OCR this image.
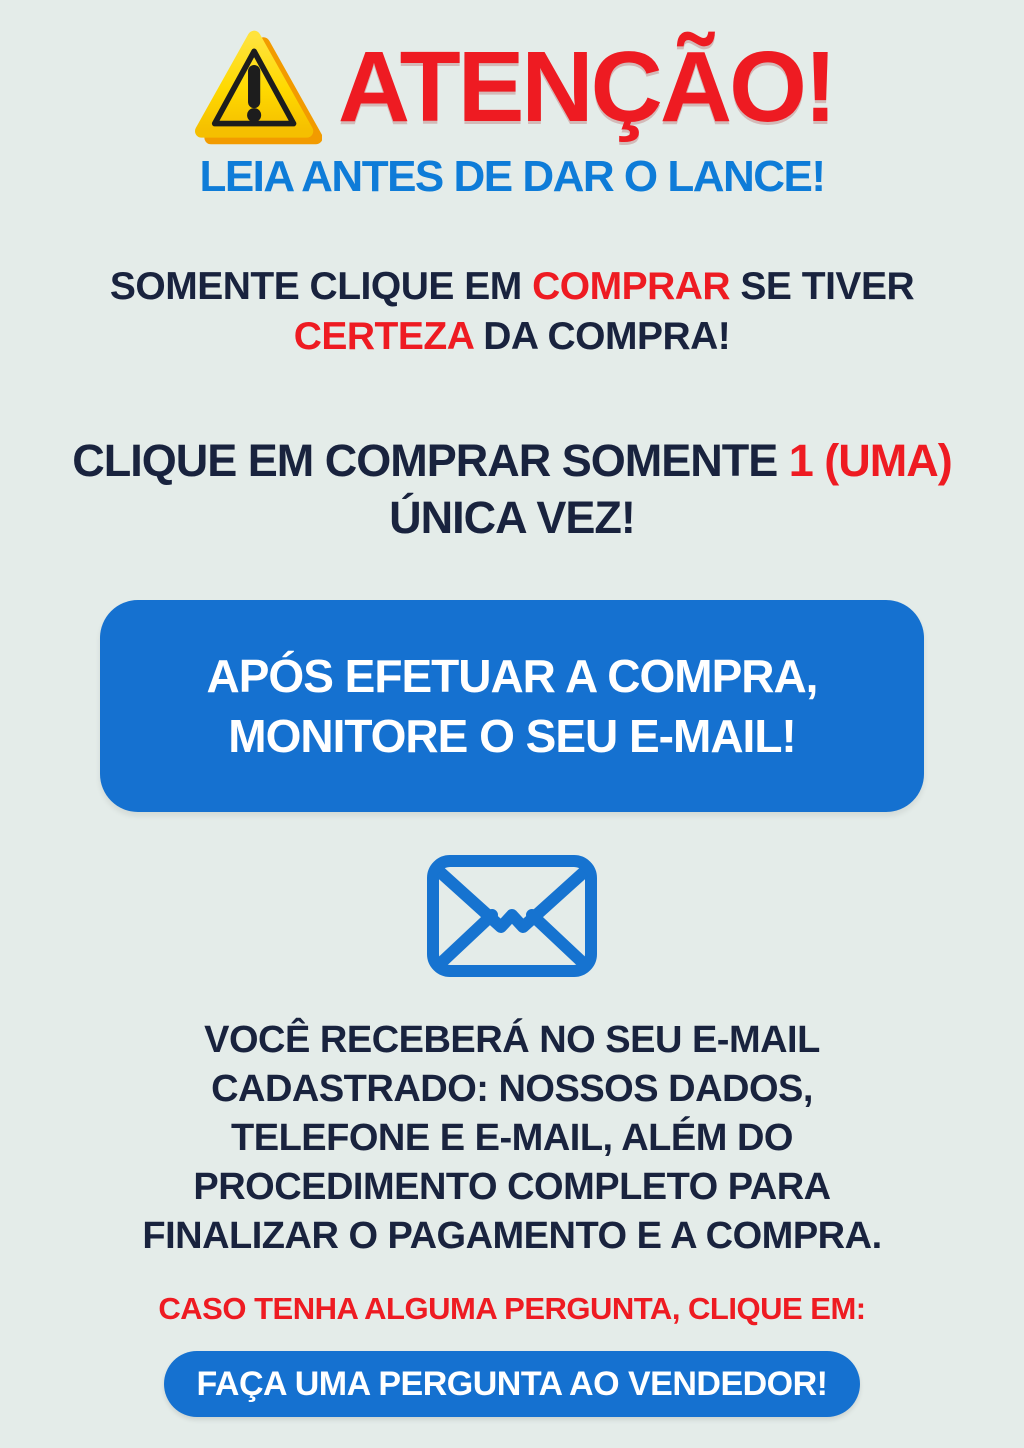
ATENÇÃO!
LEIA ANTES DE DAR O LANCE!

SOMENTE CLIQUE EM COMPRAR SE TIVER CERTEZA DA COMPRA!

CLIQUE EM COMPRAR SOMENTE 1 (UMA) ÚNICA VEZ!

APÓS EFETUAR A COMPRA,
MONITORE O SEU E-MAIL!
VOCÊ RECEBERÁ NO SEU E-MAIL
CADASTRADO: NOSSOS DADOS,
TELEFONE E E-MAIL, ALÉM DO
PROCEDIMENTO COMPLETO PARA
FINALIZAR O PAGAMENTO E A COMPRA.
CASO TENHA ALGUMA PERGUNTA, CLIQUE EM:
FAÇA UMA PERGUNTA AO VENDEDOR!
